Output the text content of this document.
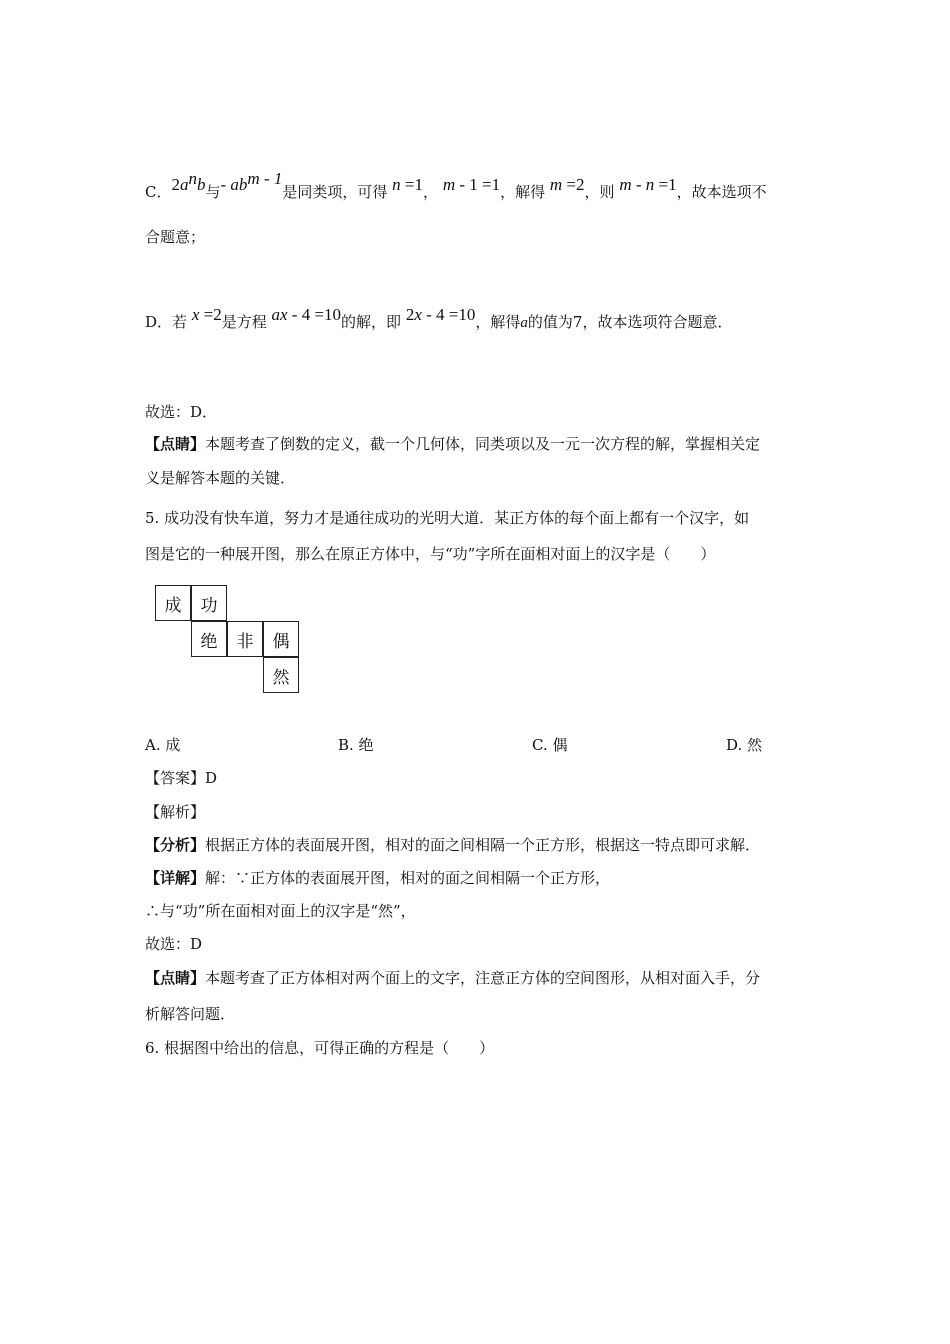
C．$2a^nb$与- $ab^{m - 1}$是同类项，可得 n =1， m - 1 =1，解得 m =2，则 m - n =1，故本选项不
合题意；
D．若 x =2是方程 ax - 4 =10的解，即 2x - 4 =10，解得a的值为7，故本选项符合题意．
故选：D．
【点睛】本题考查了倒数的定义，截一个几何体，同类项以及一元一次方程的解，掌握相关定
义是解答本题的关键．
5. 成功没有快车道，努力才是通往成功的光明大道．某正方体的每个面上都有一个汉字，如
图是它的一种展开图，那么在原正方体中，与“功”字所在面相对面上的汉字是（　　）
成	功
绝	非	偶
然
A. 成	B. 绝	C. 偶	D. 然
【答案】D
【解析】
【分析】根据正方体的表面展开图，相对的面之间相隔一个正方形，根据这一特点即可求解．
【详解】解：∵正方体的表面展开图，相对的面之间相隔一个正方形，
∴与“功”所在面相对面上的汉字是“然”，
故选：D
【点睛】本题考查了正方体相对两个面上的文字，注意正方体的空间图形，从相对面入手，分
析解答问题．
6. 根据图中给出的信息，可得正确的方程是（　　）
